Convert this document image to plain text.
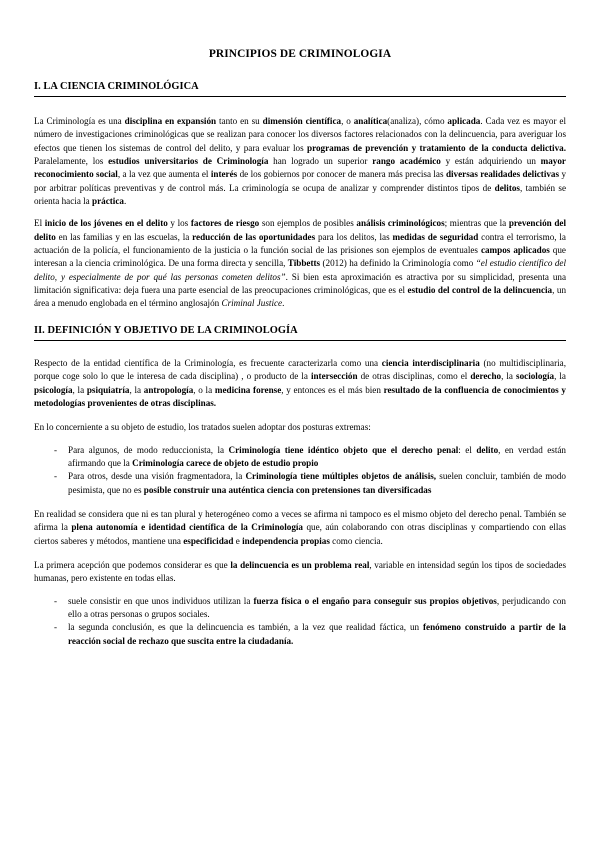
PRINCIPIOS DE CRIMINOLOGIA
I. LA CIENCIA CRIMINOLÓGICA

La Criminología es una disciplina en expansión tanto en su dimensión científica, o analítica(analiza), cómo aplicada. Cada vez es mayor el número de investigaciones criminológicas que se realizan para conocer los diversos factores relacionados con la delincuencia, para averiguar los efectos que tienen los sistemas de control del delito, y para evaluar los programas de prevención y tratamiento de la conducta delictiva. Paralelamente, los estudios universitarios de Criminología han logrado un superior rango académico y están adquiriendo un mayor reconocimiento social, a la vez que aumenta el interés de los gobiernos por conocer de manera más precisa las diversas realidades delictivas y por arbitrar políticas preventivas y de control más. La criminología se ocupa de analizar y comprender distintos tipos de delitos, también se orienta hacia la práctica.

El inicio de los jóvenes en el delito y los factores de riesgo son ejemplos de posibles análisis criminológicos; mientras que la prevención del delito en las familias y en las escuelas, la reducción de las oportunidades para los delitos, las medidas de seguridad contra el terrorismo, la actuación de la policía, el funcionamiento de la justicia o la función social de las prisiones son ejemplos de eventuales campos aplicados que interesan a la ciencia criminológica. De una forma directa y sencilla, Tibbetts (2012) ha definido la Criminología como “el estudio científico del delito, y especialmente de por qué las personas cometen delitos”. Si bien esta aproximación es atractiva por su simplicidad, presenta una limitación significativa: deja fuera una parte esencial de las preocupaciones criminológicas, que es el estudio del control de la delincuencia, un área a menudo englobada en el término anglosajón Criminal Justice.

II. DEFINICIÓN Y OBJETIVO DE LA CRIMINOLOGÍA

Respecto de la entidad científica de la Criminología, es frecuente caracterizarla como una ciencia interdisciplinaria (no multidisciplinaria, porque coge solo lo que le interesa de cada disciplina) , o producto de la intersección de otras disciplinas, como el derecho, la sociología, la psicología, la psiquiatría, la antropología, o la medicina forense, y entonces es el más bien resultado de la confluencia de conocimientos y metodologías provenientes de otras disciplinas.

En lo concerniente a su objeto de estudio, los tratados suelen adoptar dos posturas extremas:

- Para algunos, de modo reduccionista, la Criminología tiene idéntico objeto que el derecho penal: el delito, en verdad están afirmando que la Criminología carece de objeto de estudio propio
- Para otros, desde una visión fragmentadora, la Criminología tiene múltiples objetos de análisis, suelen concluir, también de modo pesimista, que no es posible construir una auténtica ciencia con pretensiones tan diversificadas

En realidad se considera que ni es tan plural y heterogéneo como a veces se afirma ni tampoco es el mismo objeto del derecho penal. También se afirma la plena autonomía e identidad científica de la Criminología que, aún colaborando con otras disciplinas y compartiendo con ellas ciertos saberes y métodos, mantiene una especificidad e independencia propias como ciencia.

La primera acepción que podemos considerar es que la delincuencia es un problema real, variable en intensidad según los tipos de sociedades humanas, pero existente en todas ellas.

- suele consistir en que unos individuos utilizan la fuerza física o el engaño para conseguir sus propios objetivos, perjudicando con ello a otras personas o grupos sociales.
- la segunda conclusión, es que la delincuencia es también, a la vez que realidad fáctica, un fenómeno construido a partir de la reacción social de rechazo que suscita entre la ciudadanía.
